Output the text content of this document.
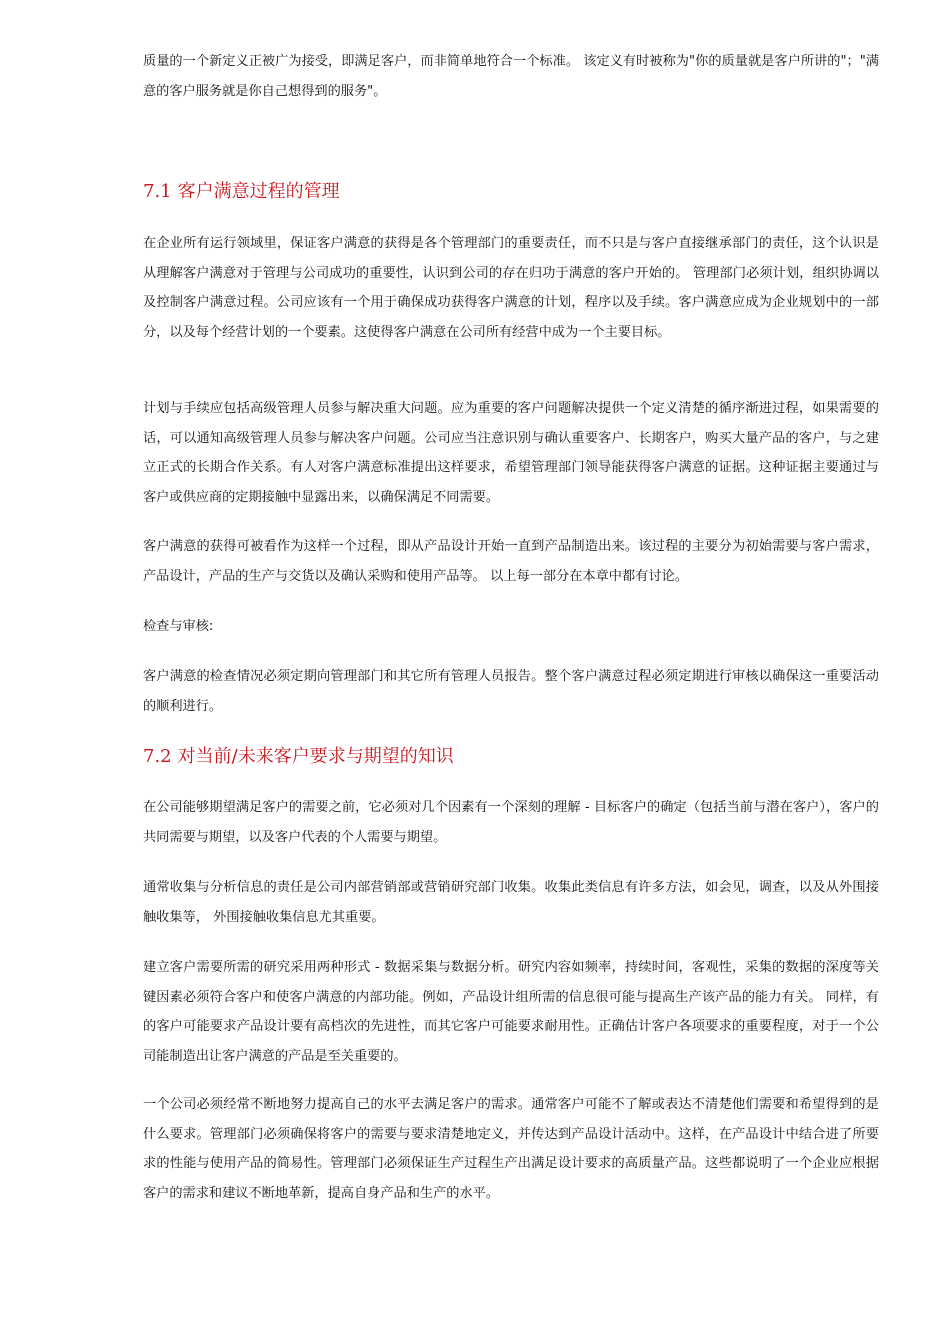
质量的一个新定义正被广为接受，即满足客户，而非简单地符合一个标准。 该定义有时被称为"你的质量就是客户所讲的"；"满意的客户服务就是你自己想得到的服务"。

7.1 客户满意过程的管理

在企业所有运行领域里，保证客户满意的获得是各个管理部门的重要责任，而不只是与客户直接继承部门的责任，这个认识是从理解客户满意对于管理与公司成功的重要性，认识到公司的存在归功于满意的客户开始的。 管理部门必须计划，组织协调以及控制客户满意过程。公司应该有一个用于确保成功获得客户满意的计划，程序以及手续。客户满意应成为企业规划中的一部分，以及每个经营计划的一个要素。这使得客户满意在公司所有经营中成为一个主要目标。

计划与手续应包括高级管理人员参与解决重大问题。应为重要的客户问题解决提供一个定义清楚的循序渐进过程，如果需要的话，可以通知高级管理人员参与解决客户问题。公司应当注意识别与确认重要客户、长期客户，购买大量产品的客户，与之建立正式的长期合作关系。有人对客户满意标准提出这样要求，希望管理部门领导能获得客户满意的证据。这种证据主要通过与客户或供应商的定期接触中显露出来，以确保满足不同需要。

客户满意的获得可被看作为这样一个过程，即从产品设计开始一直到产品制造出来。该过程的主要分为初始需要与客户需求，产品设计，产品的生产与交货以及确认采购和使用产品等。 以上每一部分在本章中都有讨论。

检查与审核:

客户满意的检查情况必须定期向管理部门和其它所有管理人员报告。整个客户满意过程必须定期进行审核以确保这一重要活动的顺利进行。

7.2 对当前/未来客户要求与期望的知识

在公司能够期望满足客户的需要之前，它必须对几个因素有一个深刻的理解 - 目标客户的确定（包括当前与潜在客户），客户的共同需要与期望，以及客户代表的个人需要与期望。

通常收集与分析信息的责任是公司内部营销部或营销研究部门收集。收集此类信息有许多方法，如会见，调查，以及从外围接触收集等， 外围接触收集信息尤其重要。

建立客户需要所需的研究采用两种形式 - 数据采集与数据分析。研究内容如频率，持续时间，客观性，采集的数据的深度等关键因素必须符合客户和使客户满意的内部功能。例如，产品设计组所需的信息很可能与提高生产该产品的能力有关。 同样，有的客户可能要求产品设计要有高档次的先进性，而其它客户可能要求耐用性。正确估计客户各项要求的重要程度，对于一个公司能制造出让客户满意的产品是至关重要的。

一个公司必须经常不断地努力提高自己的水平去满足客户的需求。通常客户可能不了解或表达不清楚他们需要和希望得到的是什么要求。管理部门必须确保将客户的需要与要求清楚地定义，并传达到产品设计活动中。这样，在产品设计中结合进了所要求的性能与使用产品的简易性。管理部门必须保证生产过程生产出满足设计要求的高质量产品。这些都说明了一个企业应根据客户的需求和建议不断地革新，提高自身产品和生产的水平。
